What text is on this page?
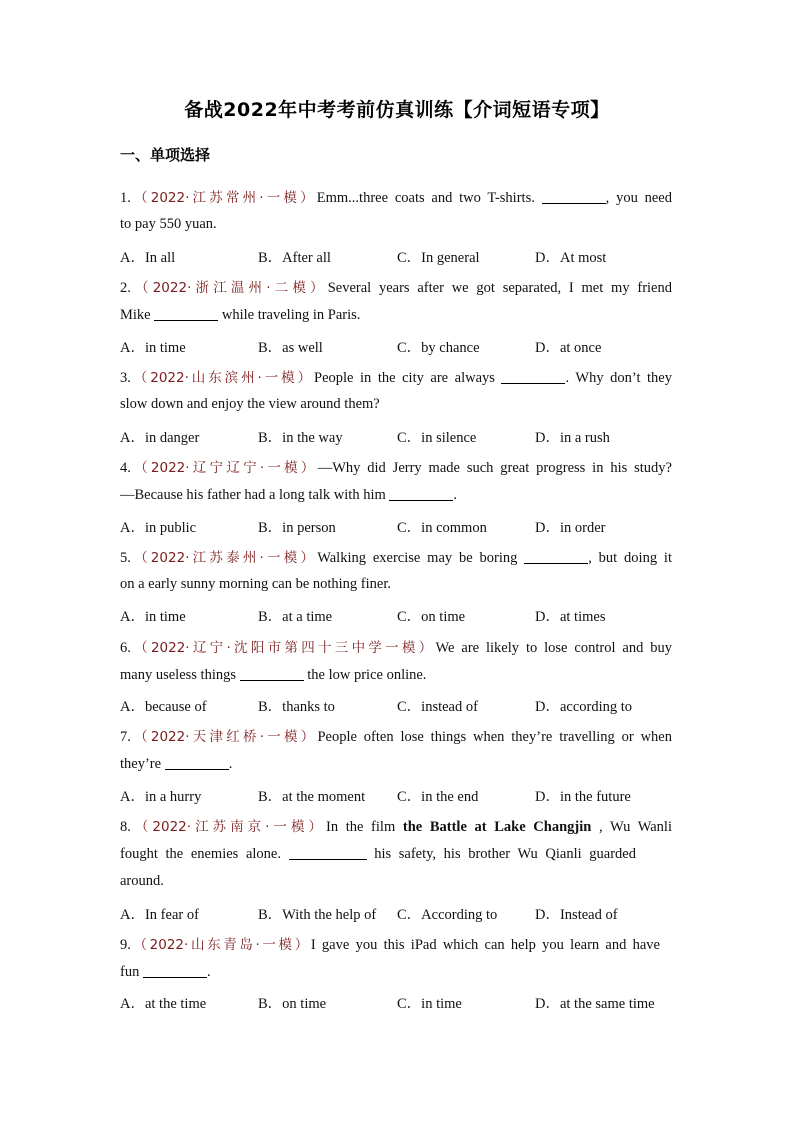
备战2022年中考考前仿真训练【介词短语专项】
一、单项选择
1.（2022·江苏常州·一模）Emm...three coats and two T-shirts.	, you need
to pay 550 yuan.
A．In all	B．After all	C．In general	D．At most
2.（2022·浙江温州·二模）Several years after we got separated, I met my friend
Mike	while traveling in Paris.
A．in time	B．as well	C．by chance	D．at once
3.（2022·山东滨州·一模）People in the city are always	. Why don’t they
slow down and enjoy the view around them?
A．in danger	B．in the way	C．in silence	D．in a rush
4.（2022·辽宁辽宁·一模）—Why did Jerry made such great progress in his study?
—Because his father had a long talk with him	.
A．in public	B．in person	C．in common	D．in order
5.（2022·江苏泰州·一模）Walking exercise may be boring	, but doing it
on a early sunny morning can be nothing finer.
A．in time	B．at a time	C．on time	D．at times
6.（2022·辽宁·沈阳市第四十三中学一模）We are likely to lose control and buy
many useless things	the low price online.
A．because of	B．thanks to	C．instead of	D．according to
7.（2022·天津红桥·一模）People often lose things when they’re travelling or when
they’re	.
A．in a hurry	B．at the moment C．in the end	D．in the future
8.（2022·江苏南京·一模）In the film the Battle at Lake Changjin , Wu Wanli
fought the enemies alone.	his safety, his brother Wu Qianli guarded
around.
A．In fear of	B．With the help of C．According to	D．Instead of
9.（2022·山东青岛·一模）I gave you this iPad which can help you learn and have
fun	.
A．at the time	B．on time	C．in time	D．at the same time
